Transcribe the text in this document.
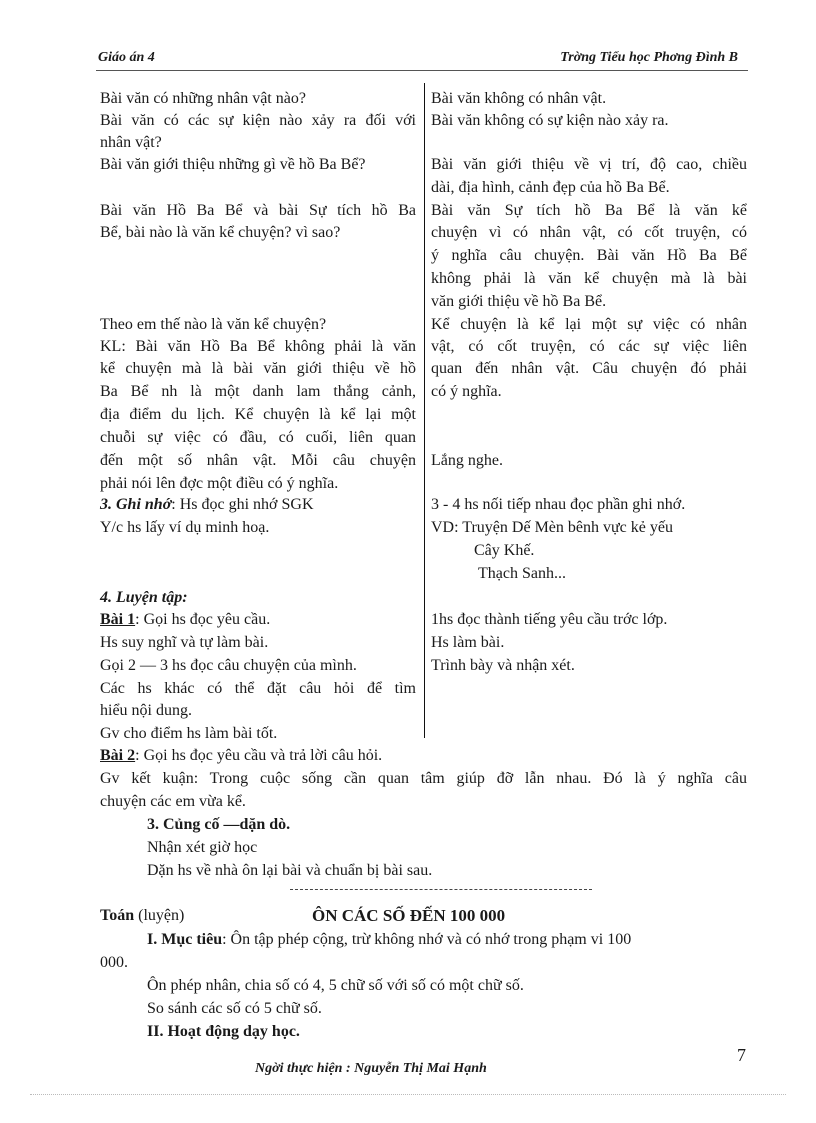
Giáo án 4	Trờng Tiểu học Phơng Đình B
Bài văn có những nhân vật nào?
Bài văn có các sự kiện nào xảy ra đối với
nhân vật?
Bài văn giới thiệu những gì về hồ Ba Bể?
Bài văn Hồ Ba Bể và bài Sự tích hồ Ba
Bể, bài nào là văn kể chuyện? vì sao?
Theo em thế nào là văn kể chuyện?
KL: Bài văn Hồ Ba Bể không phải là văn
kể chuyện mà là bài văn giới thiệu về hồ
Ba Bể nh là một danh lam thắng cảnh,
địa điểm du lịch. Kể chuyện là kể lại một
chuỗi sự việc có đầu, có cuối, liên quan
đến một số nhân vật. Mỗi câu chuyện
phải nói lên đợc một điều có ý nghĩa.
3. Ghi nhớ: Hs đọc ghi nhớ SGK
Y/c hs lấy ví dụ minh hoạ.
4. Luyện tập:
Bài 1: Gọi hs đọc yêu cầu.
Hs suy nghĩ và tự làm bài.
Gọi 2 — 3 hs đọc câu chuyện của mình.
Các hs khác có thể đặt câu hỏi để tìm
hiểu nội dung.
Gv cho điểm hs làm bài tốt.
Bài văn không có nhân vật.
Bài văn không có sự kiện nào xảy ra.
Bài văn giới thiệu về vị trí, độ cao, chiều
dài, địa hình, cảnh đẹp của hồ Ba Bể.
Bài văn Sự tích hồ Ba Bể là văn kể
chuyện vì có nhân vật, có cốt truyện, có
ý nghĩa câu chuyện. Bài văn Hồ Ba Bể
không phải là văn kể chuyện mà là bài
văn giới thiệu về hồ Ba Bể.
Kể chuyện là kể lại một sự việc có nhân
vật, có cốt truyện, có các sự việc liên
quan đến nhân vật. Câu chuyện đó phải
có ý nghĩa.
Lắng nghe.
3 - 4 hs nối tiếp nhau đọc phần ghi nhớ.
VD: Truyện Dế Mèn bênh vực kẻ yếu
Cây Khế.
Thạch Sanh...
1hs đọc thành tiếng yêu cầu trớc lớp.
Hs làm bài.
Trình bày và nhận xét.
Bài 2: Gọi hs đọc yêu cầu và trả lời câu hỏi.
Gv kết kuận: Trong cuộc sống cần quan tâm giúp đỡ lẫn nhau. Đó là ý nghĩa câu
chuyện các em vừa kể.
3. Củng cố —dặn dò.
Nhận xét giờ học
Dặn hs về nhà ôn lại bài và chuẩn bị bài sau.
Toán (luyện)	ÔN CÁC SỐ ĐẾN 100 000
I. Mục tiêu: Ôn tập phép cộng, trừ không nhớ và có nhớ trong phạm vi 100
000.
Ôn phép nhân, chia số có 4, 5 chữ số với số có một chữ số.
So sánh các số có 5 chữ số.
II. Hoạt động dạy học.
7
Ngời thực hiện : Nguyễn Thị Mai Hạnh
